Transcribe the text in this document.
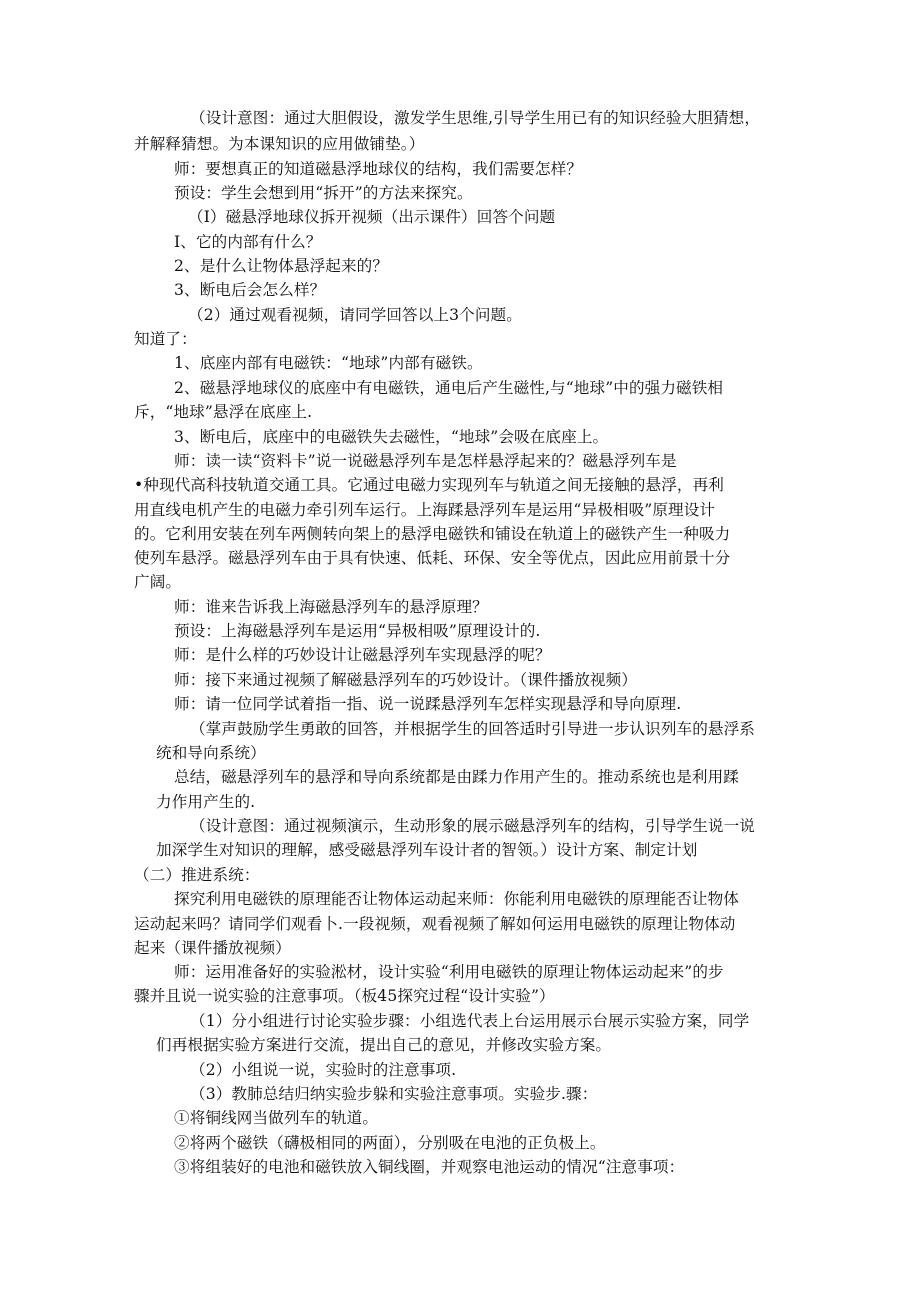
（设计意图：通过大胆假设，激发学生思维,引导学生用已有的知识经验大胆猜想，
并解释猜想。为本课知识的应用做铺垫。）
师：要想真正的知道磁悬浮地球仪的结构，我们需要怎样？
预设：学生会想到用“拆开”的方法来探究。
（I）磁悬浮地球仪拆开视频（出示课件）回答个问题
I、它的内部有什么？
2、是什么让物体悬浮起来的？
3、断电后会怎么样？
（2）通过观看视频，请同学回答以上3个问题。
知道了：
1、底座内部有电磁铁：“地球”内部有磁铁。
2、磁悬浮地球仪的底座中有电磁铁，通电后产生磁性,与“地球”中的强力磁铁相
斥，“地球”悬浮在底座上.
3、断电后，底座中的电磁铁失去磁性，“地球”会吸在底座上。
师：读一读“资料卡”说一说磁悬浮列车是怎样悬浮起来的？磁悬浮列车是
•种现代高科技轨道交通工具。它通过电磁力实现列车与轨道之间无接触的悬浮，再利
用直线电机产生的电磁力牵引列车运行。上海蹂悬浮列车是运用“异极相吸”原理设计
的。它利用安装在列车两侧转向架上的悬浮电磁铁和铺设在轨道上的磁铁产生一种吸力
使列车悬浮。磁悬浮列车由于具有快速、低耗、环保、安全等优点，因此应用前景十分
广阔。
师：谁来告诉我上海磁悬浮列车的悬浮原理？
预设：上海磁悬浮列车是运用“异极相吸”原理设计的.
师：是什么样的巧妙设计让磁悬浮列车实现悬浮的呢？
师：接下来通过视频了解磁悬浮列车的巧妙设计。（课件播放视频）
师：请一位同学试着指一指、说一说蹂悬浮列车怎样实现悬浮和导向原理.
（掌声鼓励学生勇敢的回答，并根据学生的回答适时引导进一步认识列车的悬浮系
统和导向系统）
总结，磁悬浮列车的悬浮和导向系统都是由蹂力作用产生的。推动系统也是利用蹂
力作用产生的.
（设计意图：通过视频演示，生动形象的展示磁悬浮列车的结构，引导学生说一说
加深学生对知识的理解，感受磁悬浮列车设计者的智领。）设计方案、制定计划
（二）推进系统：
探究利用电磁铁的原理能否让物体运动起来师：你能利用电磁铁的原理能否让物体
运动起来吗？请同学们观看卜.一段视频，观看视频了解如何运用电磁铁的原理让物体动
起来（课件播放视频）
师：运用准备好的实验淞材，设计实验“利用电磁铁的原理让物体运动起来”的步
骤并且说一说实验的注意事项。（板45探究过程“设计实验”）
（1）分小组进行讨论实验步骤：小组选代表上台运用展示台展示实验方案，同学
们再根据实验方案进行交流，提出自己的意见，并修改实验方案。
（2）小组说一说，实验时的注意事项.
（3）教肺总结归纳实验步躲和实验注意事项。实验步.骤：
①将铜线网当做列车的轨道。
②将两个磁铁（礴极相同的两面），分别吸在电池的正负极上。
③将组装好的电池和磁铁放入铜线圈，并观察电池运动的情况“注意事项：
